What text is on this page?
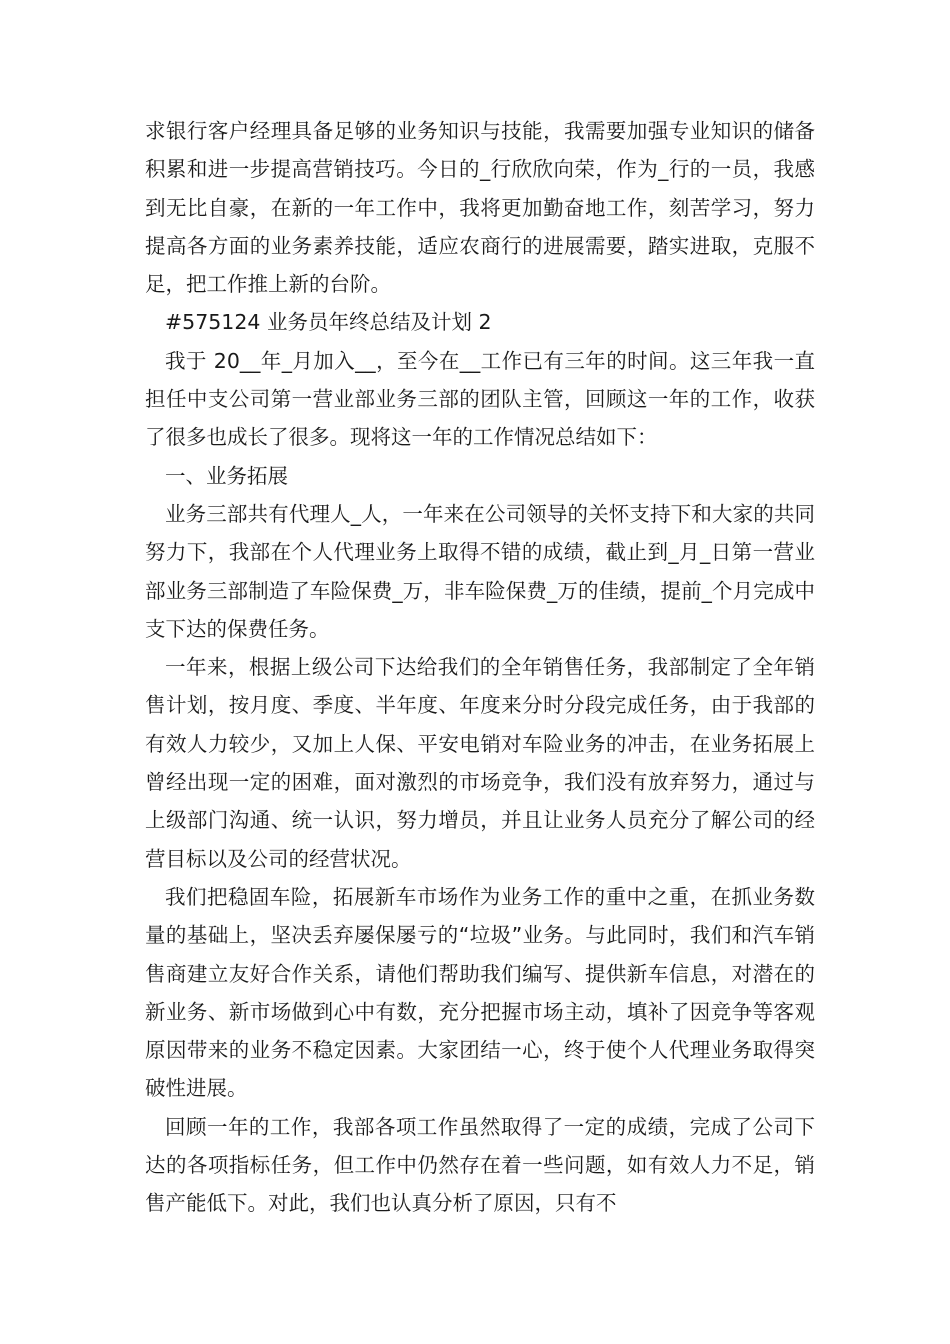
求银行客户经理具备足够的业务知识与技能，我需要加强专业知识的储备积累和进一步提高营销技巧。今日的_行欣欣向荣，作为_行的一员，我感到无比自豪，在新的一年工作中，我将更加勤奋地工作，刻苦学习，努力提高各方面的业务素养技能，适应农商行的进展需要，踏实进取，克服不足，把工作推上新的台阶。

#575124 业务员年终总结及计划 2

我于 20__年_月加入__，至今在__工作已有三年的时间。这三年我一直担任中支公司第一营业部业务三部的团队主管，回顾这一年的工作，收获了很多也成长了很多。现将这一年的工作情况总结如下：

一、业务拓展

业务三部共有代理人_人，一年来在公司领导的关怀支持下和大家的共同努力下，我部在个人代理业务上取得不错的成绩，截止到_月_日第一营业部业务三部制造了车险保费_万，非车险保费_万的佳绩，提前_个月完成中支下达的保费任务。

一年来，根据上级公司下达给我们的全年销售任务，我部制定了全年销售计划，按月度、季度、半年度、年度来分时分段完成任务，由于我部的有效人力较少，又加上人保、平安电销对车险业务的冲击，在业务拓展上曾经出现一定的困难，面对激烈的市场竞争，我们没有放弃努力，通过与上级部门沟通、统一认识，努力增员，并且让业务人员充分了解公司的经营目标以及公司的经营状况。

我们把稳固车险，拓展新车市场作为业务工作的重中之重，在抓业务数量的基础上，坚决丢弃屡保屡亏的“垃圾”业务。与此同时，我们和汽车销售商建立友好合作关系，请他们帮助我们编写、提供新车信息，对潜在的新业务、新市场做到心中有数，充分把握市场主动，填补了因竞争等客观原因带来的业务不稳定因素。大家团结一心，终于使个人代理业务取得突破性进展。

回顾一年的工作，我部各项工作虽然取得了一定的成绩，完成了公司下达的各项指标任务，但工作中仍然存在着一些问题，如有效人力不足，销售产能低下。对此，我们也认真分析了原因，只有不
